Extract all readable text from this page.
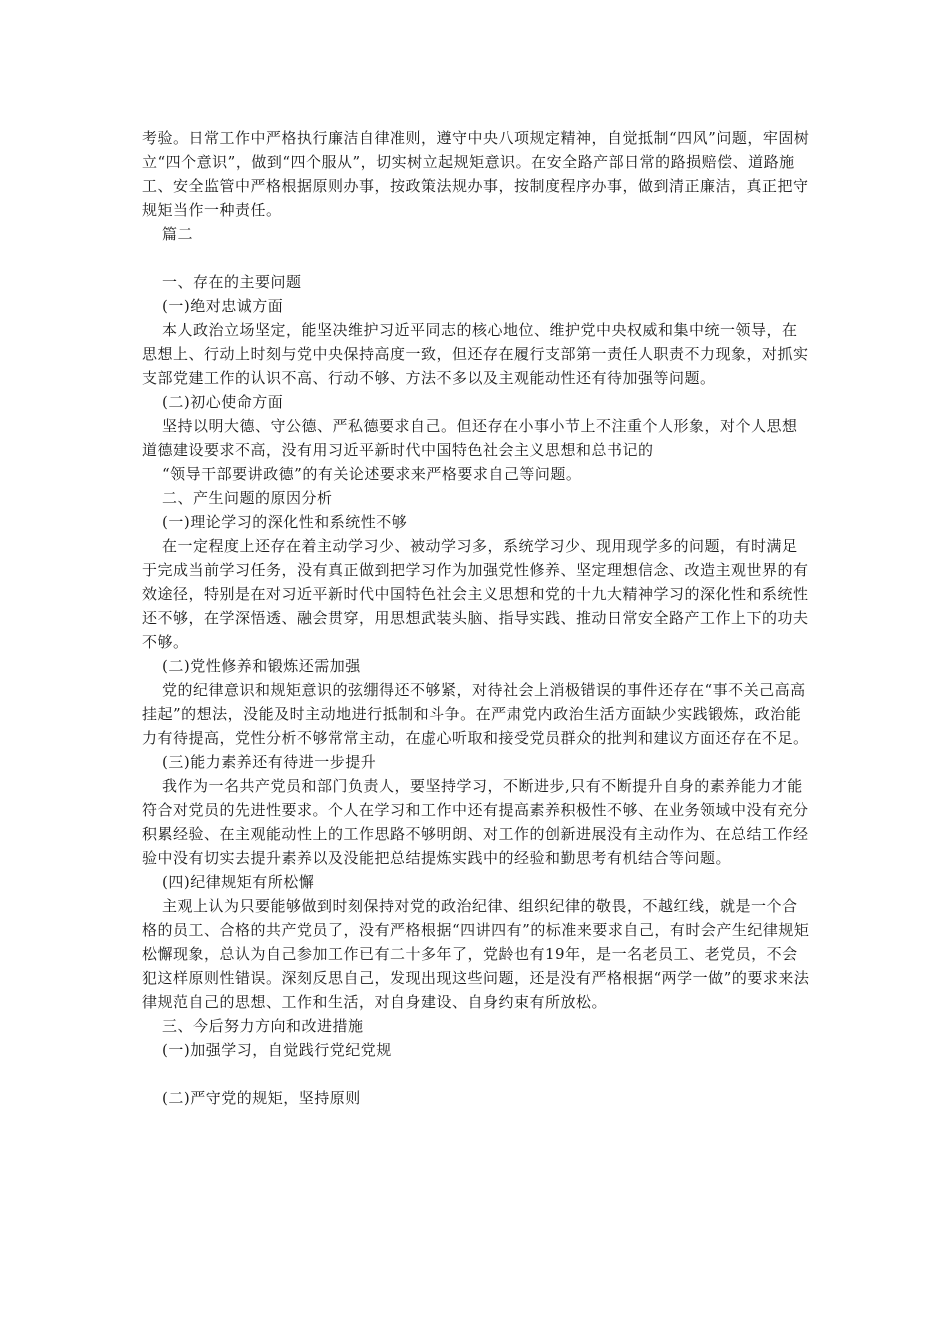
考验。日常工作中严格执行廉洁自律准则，遵守中央八项规定精神，自觉抵制“四风”问题，牢固树立“四个意识”，做到“四个服从”，切实树立起规矩意识。在安全路产部日常的路损赔偿、道路施工、安全监管中严格根据原则办事，按政策法规办事，按制度程序办事，做到清正廉洁，真正把守规矩当作一种责任。

篇二

一、存在的主要问题

(一)绝对忠诚方面

本人政治立场坚定，能坚决维护习近平同志的核心地位、维护党中央权威和集中统一领导，在思想上、行动上时刻与党中央保持高度一致，但还存在履行支部第一责任人职责不力现象，对抓实支部党建工作的认识不高、行动不够、方法不多以及主观能动性还有待加强等问题。

(二)初心使命方面

坚持以明大德、守公德、严私德要求自己。但还存在小事小节上不注重个人形象，对个人思想道德建设要求不高，没有用习近平新时代中国特色社会主义思想和总书记的

“领导干部要讲政德”的有关论述要求来严格要求自己等问题。

二、产生问题的原因分析

(一)理论学习的深化性和系统性不够

在一定程度上还存在着主动学习少、被动学习多，系统学习少、现用现学多的问题，有时满足于完成当前学习任务，没有真正做到把学习作为加强党性修养、坚定理想信念、改造主观世界的有效途径，特别是在对习近平新时代中国特色社会主义思想和党的十九大精神学习的深化性和系统性还不够，在学深悟透、融会贯穿，用思想武装头脑、指导实践、推动日常安全路产工作上下的功夫不够。

(二)党性修养和锻炼还需加强

党的纪律意识和规矩意识的弦绷得还不够紧，对待社会上消极错误的事件还存在“事不关己高高挂起”的想法，没能及时主动地进行抵制和斗争。在严肃党内政治生活方面缺少实践锻炼，政治能力有待提高，党性分析不够常常主动，在虚心听取和接受党员群众的批判和建议方面还存在不足。

(三)能力素养还有待进一步提升

我作为一名共产党员和部门负责人，要坚持学习，不断进步,只有不断提升自身的素养能力才能符合对党员的先进性要求。个人在学习和工作中还有提高素养积极性不够、在业务领域中没有充分积累经验、在主观能动性上的工作思路不够明朗、对工作的创新进展没有主动作为、在总结工作经验中没有切实去提升素养以及没能把总结提炼实践中的经验和勤思考有机结合等问题。

(四)纪律规矩有所松懈

主观上认为只要能够做到时刻保持对党的政治纪律、组织纪律的敬畏，不越红线，就是一个合格的员工、合格的共产党员了，没有严格根据“四讲四有”的标准来要求自己，有时会产生纪律规矩松懈现象，总认为自己参加工作已有二十多年了，党龄也有19年，是一名老员工、老党员，不会犯这样原则性错误。深刻反思自己，发现出现这些问题，还是没有严格根据“两学一做”的要求来法律规范自己的思想、工作和生活，对自身建设、自身约束有所放松。

三、今后努力方向和改进措施

(一)加强学习，自觉践行党纪党规

(二)严守党的规矩，坚持原则
